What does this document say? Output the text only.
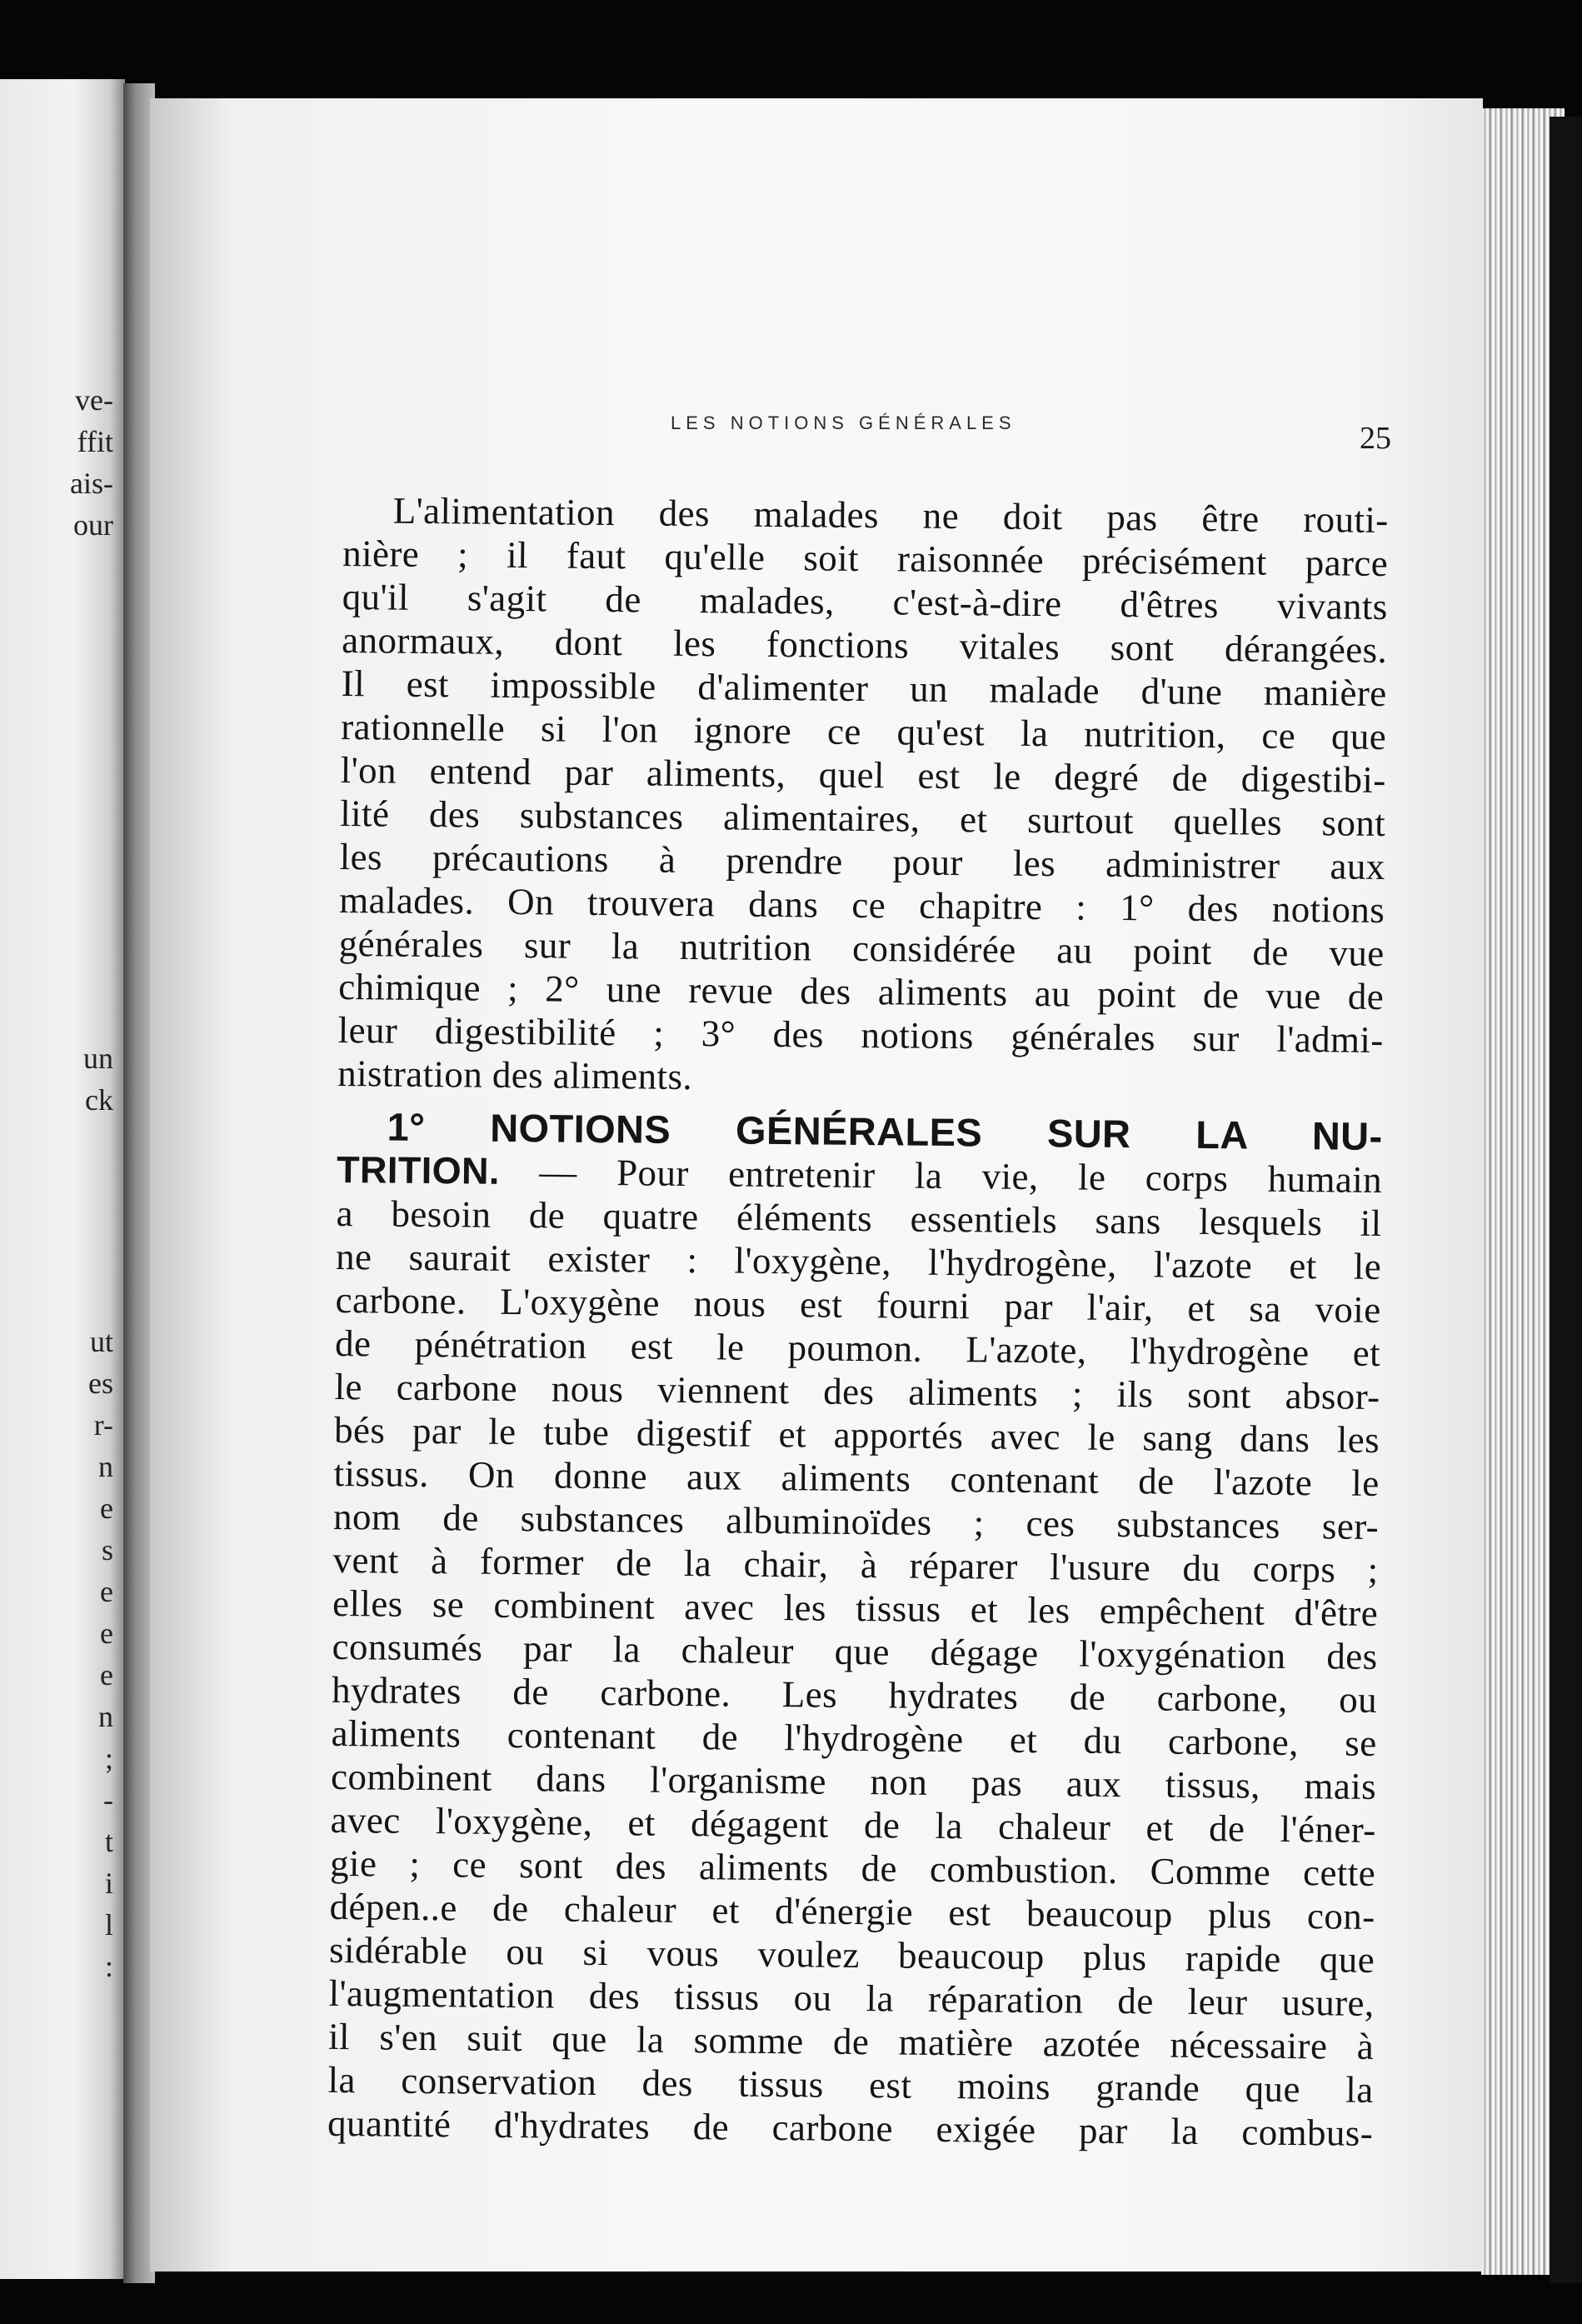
ve-
ffit
ais-
our
un
ck
ut
es
r-
n
e
s
e
e
e
n
;
-
t
i
l
:
LES NOTIONS GÉNÉRALES	25
L'alimentation des malades ne doit pas être routi-
nière ; il faut qu'elle soit raisonnée précisément parce
qu'il s'agit de malades, c'est-à-dire d'êtres vivants
anormaux, dont les fonctions vitales sont dérangées.
Il est impossible d'alimenter un malade d'une manière
rationnelle si l'on ignore ce qu'est la nutrition, ce que
l'on entend par aliments, quel est le degré de digestibi-
lité des substances alimentaires, et surtout quelles sont
les précautions à prendre pour les administrer aux
malades. On trouvera dans ce chapitre : 1° des notions
générales sur la nutrition considérée au point de vue
chimique ; 2° une revue des aliments au point de vue de
leur digestibilité ; 3° des notions générales sur l'admi-
nistration des aliments.
1° NOTIONS GÉNÉRALES SUR LA NU-
TRITION. — Pour entretenir la vie, le corps humain
a besoin de quatre éléments essentiels sans lesquels il
ne saurait exister : l'oxygène, l'hydrogène, l'azote et le
carbone. L'oxygène nous est fourni par l'air, et sa voie
de pénétration est le poumon. L'azote, l'hydrogène et
le carbone nous viennent des aliments ; ils sont absor-
bés par le tube digestif et apportés avec le sang dans les
tissus. On donne aux aliments contenant de l'azote le
nom de substances albuminoïdes ; ces substances ser-
vent à former de la chair, à réparer l'usure du corps ;
elles se combinent avec les tissus et les empêchent d'être
consumés par la chaleur que dégage l'oxygénation des
hydrates de carbone. Les hydrates de carbone, ou
aliments contenant de l'hydrogène et du carbone, se
combinent dans l'organisme non pas aux tissus, mais
avec l'oxygène, et dégagent de la chaleur et de l'éner-
gie ; ce sont des aliments de combustion. Comme cette
dépen..e de chaleur et d'énergie est beaucoup plus con-
sidérable ou si vous voulez beaucoup plus rapide que
l'augmentation des tissus ou la réparation de leur usure,
il s'en suit que la somme de matière azotée nécessaire à
la conservation des tissus est moins grande que la
quantité d'hydrates de carbone exigée par la combus-
